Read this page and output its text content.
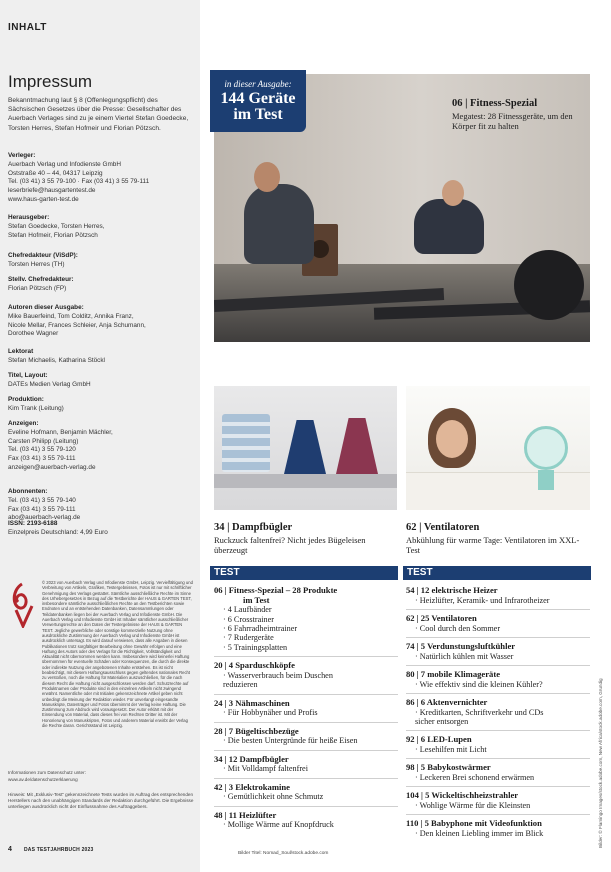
INHALT
Impressum
Bekanntmachung laut § 8 (Offenlegungspflicht) des Sächsischen Gesetzes über die Presse: Gesellschafter des Auerbach Verlages sind zu je einem Viertel Stefan Goedecke, Torsten Herres, Stefan Hofmeir und Florian Pötzsch.
Verleger:
Auerbach Verlag und Infodienste GmbH
Oststraße 40 – 44, 04317 Leipzig
Tel. (03 41) 3 55 79-100 · Fax (03 41) 3 55 79-111
leserbriefe@hausgartentest.de
www.haus-garten-test.de
Herausgeber:
Stefan Goedecke, Torsten Herres,
Stefan Hofmeir, Florian Pötzsch
Chefredakteur (ViSdP):
Torsten Herres (TH)
Stellv. Chefredakteur:
Florian Pötzsch (FP)
Autoren dieser Ausgabe:
Mike Bauerfeind, Tom Colditz, Annika Franz,
Nicole Mellar, Frances Schleier, Anja Schumann,
Dorothee Wagner
Lektorat
Stefan Michaelis, Katharina Stöckl
Titel, Layout:
DATEs Medien Verlag GmbH
Produktion:
Kim Trank (Leitung)
Anzeigen:
Eveline Hofmann, Benjamin Mächler,
Carsten Philipp (Leitung)
Tel. (03 41) 3 55 79-120
Fax (03 41) 3 55 79-111
anzeigen@auerbach-verlag.de
Abonnenten:
Tel. (03 41) 3 55 79-140
Fax (03 41) 3 55 79-111
abo@auerbach-verlag.de
ISSN: 2193-6188
Einzelpreis Deutschland: 4,99 Euro
© 2023 von Auerbach Verlag und Infodienste GmbH, Leipzig. Vervielfältigung und Verbreitung von Artikeln, Grafiken, Testergebnissen, Fotos ist nur mit schriftlicher Genehmigung des Verlags gestattet. Sämtliche ausschließliche Rechte im Sinne des Urhebergesetzes in Bezug auf die Testberichte der HAUS & GARTEN TEST, insbesondere sämtliche ausschließlichen Rechte an den Testberichten sowie Endnoten und an entstehenden Datenbanken, Datensammlungen oder Teildatenbanken liegen bei der Auerbach Verlag und Infodienste GmbH. Die Auerbach Verlag und Infodienste GmbH ist Inhaber sämtlicher ausschließlicher Verwertungsrechte an den Daten der Testergebnisse der HAUS & GARTEN TEST. Jegliche gewerbliche oder sonstige kommerzielle Nutzung ohne ausdrückliche Zustimmung der Auerbach Verlag und Infodienste GmbH ist ausdrücklich untersagt. Es wird darauf verwiesen, dass alle Angaben in diesen Publikationen trotz sorgfältiger Bearbeitung ohne Gewähr erfolgen und eine Haftung des Autors oder des Verlags für die Richtigkeit, Vollständigkeit und Aktualität nicht übernommen werden kann. Insbesondere wird keinerlei Haftung übernommen für eventuelle Schäden oder Konsequenzen, die durch die direkte oder indirekte Nutzung der angebotenen Inhalte entstehen. Es ist nicht beabsichtigt, mit diesem Haftungsausschluss gegen geltendes nationales Recht zu verstoßen, noch die Haftung für Materialien auszuschließen, für die nach diesem Recht die Haftung nicht ausgeschlossen werden darf. Schutzrechte auf Produktnamen oder Produkte sind in den einzelnen Artikeln nicht zwingend erwähnt. Namentliche oder mit Initialen gekennzeichnete Artikel geben nicht unbedingt die Meinung der Redaktion wieder. Für unverlangt eingesandte Manuskripte, Datenträger und Fotos übernimmt der Verlag keine Haftung. Die Zustimmung zum Abdruck wird vorausgesetzt. Der Autor erklärt mit der Einsendung von Material, dass dieses frei von Rechten Dritter ist. Mit der Honorierung von Manuskripten, Fotos und anderem Material erwirbt der Verlag die Rechte daran. Gerichtsstand ist Leipzig.
Informationen zum Datenschutz unter:
www.av.de/datenschutzerklaerung
Hinweis: Mit „Exklusiv-Test“ gekennzeichnete Tests wurden im Auftrag des entsprechenden Herstellers nach den unabhängigen Standards der Redaktion durchgeführt. Die Ergebnisse unterliegen ausdrücklich nicht der Einflussnahme des Auftraggebers.
4 DAS TESTJAHRBUCH 2023
in dieser Ausgabe:
144 Geräte
im Test
06 | Fitness-Spezial
Megatest: 28 Fitnessgeräte, um den Körper fit zu halten
34 | Dampfbügler
Ruckzuck faltenfrei? Nicht jedes Bügeleisen überzeugt
62 | Ventilatoren
Abkühlung für warme Tage: Ventilatoren im XXL-Test
TEST	TEST
06 | Fitness-Spezial – 28 Produkte
im Test
· 4 Laufbänder
· 6 Crosstrainer
· 6 Fahrradheimtrainer
· 7 Rudergeräte
· 5 Trainingsplatten
20 | 4 Sparduschköpfe
· Wasserverbrauch beim Duschen
reduzieren
24 | 3 Nähmaschinen
· Für Hobbynäher und Profis
28 | 7 Bügeltischbezüge
· Die besten Untergründe für heiße Eisen
34 | 12 Dampfbügler
· Mit Volldampf faltenfrei
42 | 3 Elektrokamine
· Gemütlichkeit ohne Schmutz
48 | 11 Heizlüfter
· Mollige Wärme auf Knopfdruck
54 | 12 elektrische Heizer
· Heizlüfter, Keramik- und Infrarotheizer
62 | 25 Ventilatoren
· Cool durch den Sommer
74 | 5 Verdunstungsluftkühler
· Natürlich kühlen mit Wasser
80 | 7 mobile Klimageräte
· Wie effektiv sind die kleinen Kühler?
86 | 6 Aktenvernichter
· Kreditkarten, Schriftverkehr und CDs
sicher entsorgen
92 | 6 LED-Lupen
· Lesehilfen mit Licht
98 | 5 Babykostwärmer
· Leckeren Brei schonend erwärmen
104 | 5 Wickeltischheizstrahler
· Wohlige Wärme für die Kleinsten
110 | 5 Babyphone mit Videofunktion
· Den kleinen Liebling immer im Blick
Bilder Titel: Nomad_Soul/stock.adobe.com
Bilder: © Flamingo Images/stock.adobe.com, New Africa/stock.adobe.com, Grundig
